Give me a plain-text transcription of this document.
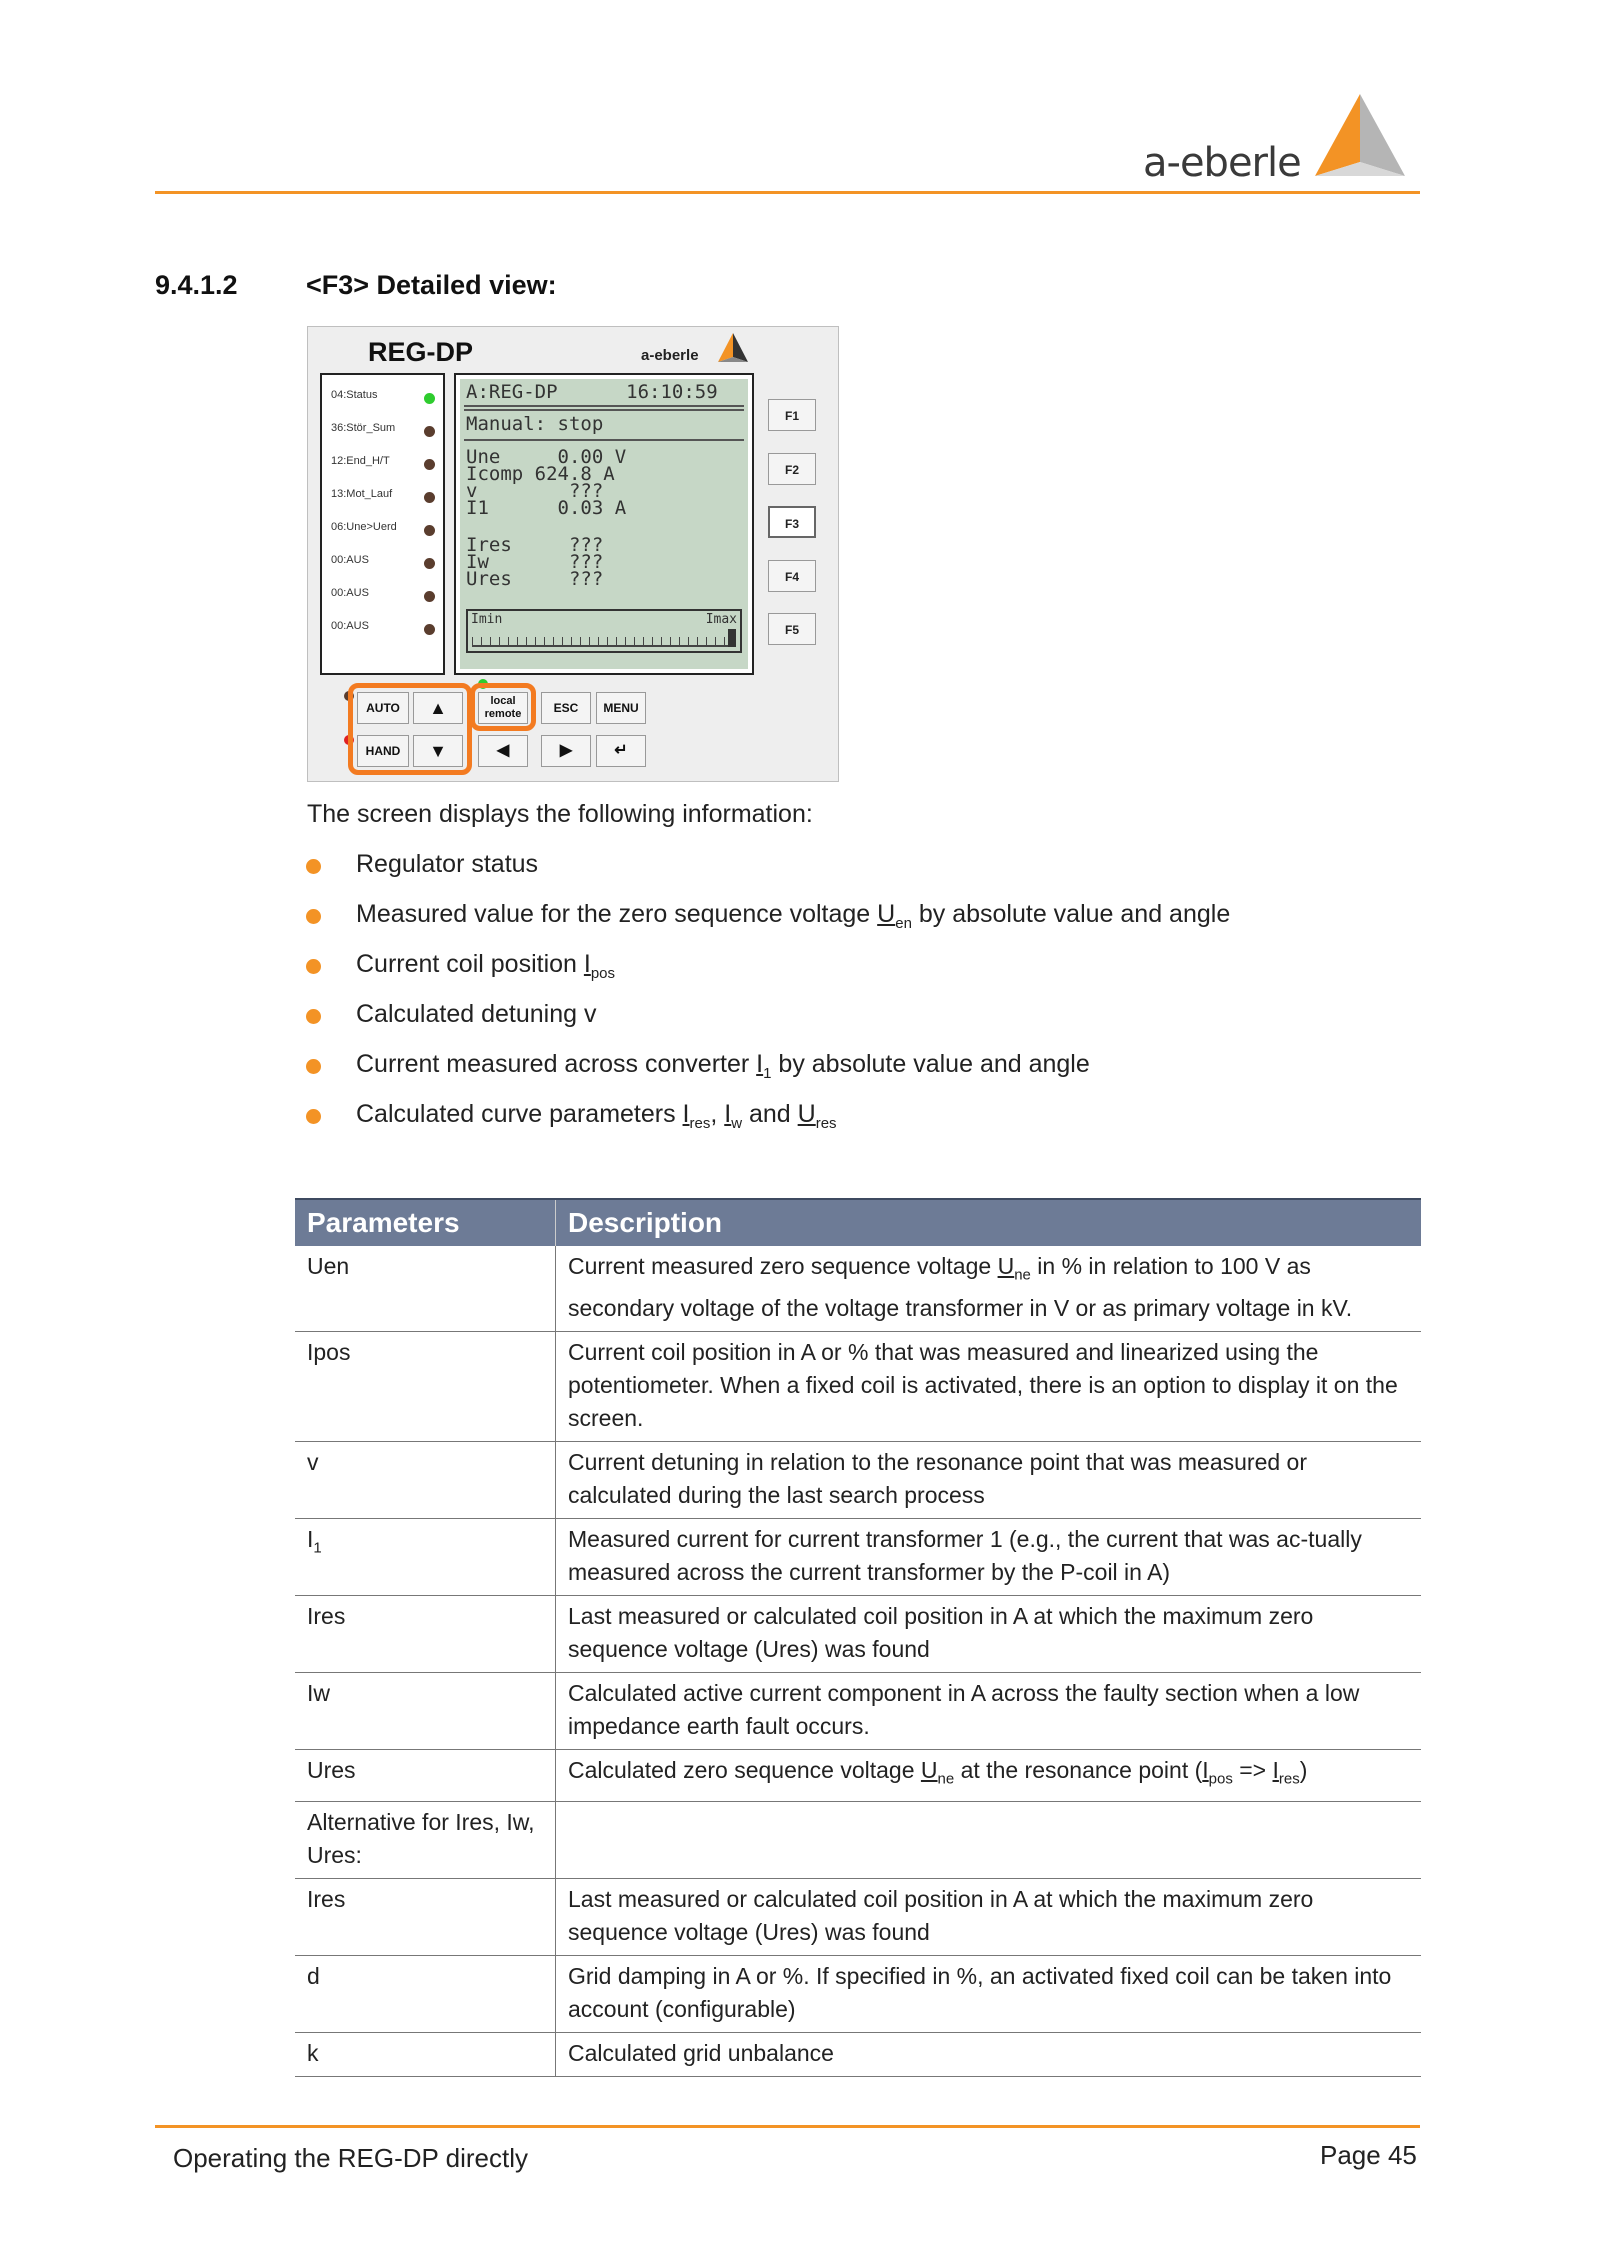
a-eberle
9.4.1.2	<F3> Detailed view:
REG-DP	a-eberle
04:Status
36:Stör_Sum
12:End_H/T
13:Mot_Lauf
06:Une>Uerd
00:AUS
00:AUS
00:AUS
A:REG-DP      16:10:59
Manual: stop
Une     0.00 V
Icomp 624.8 A
v        ???
I1      0.03 A
Ires     ???
Iw       ???
Ures     ???
Imin	Imax
F1
F2
F3
F4
F5
AUTO	▲	local remote	ESC	MENU
HAND	▼	◀	▶	↵
The screen displays the following information:
Regulator status
Measured value for the zero sequence voltage $U_{en}$ by absolute value and angle
Current coil position $I_{pos}$
Calculated detuning v
Current measured across converter $I_1$ by absolute value and angle
Calculated curve parameters $I_{res}$, $I_w$ and $U_{res}$
Parameters	Description
Uen	Current measured zero sequence voltage $U_{ne}$ in % in relation to 100 V as secondary voltage of the voltage transformer in V or as primary voltage in kV.
Ipos	Current coil position in A or % that was measured and linearized using the potentiometer. When a fixed coil is activated, there is an option to display it on the screen.
v	Current detuning in relation to the resonance point that was measured or calculated during the last search process
$I_1$	Measured current for current transformer 1 (e.g., the current that was ac-tually measured across the current transformer by the P-coil in A)
Ires	Last measured or calculated coil position in A at which the maximum zero sequence voltage (Ures) was found
Iw	Calculated active current component in A across the faulty section when a low impedance earth fault occurs.
Ures	Calculated zero sequence voltage $U_{ne}$ at the resonance point $(I_{pos} => I_{res})$
Alternative for Ires, Iw, Ures:	
Ires	Last measured or calculated coil position in A at which the maximum zero sequence voltage (Ures) was found
d	Grid damping in A or %. If specified in %, an activated fixed coil can be taken into account (configurable)
k	Calculated grid unbalance
Operating the REG-DP directly	Page 45
